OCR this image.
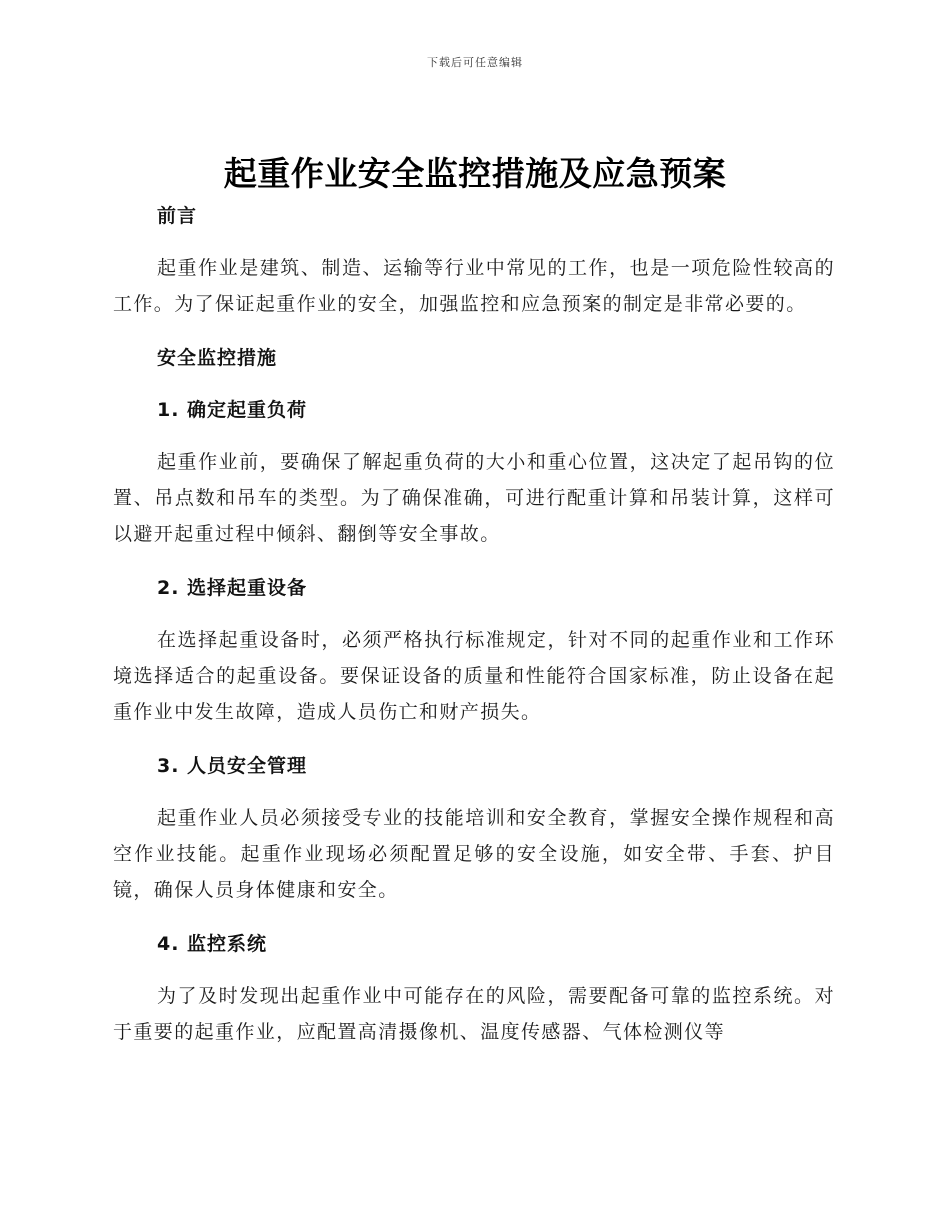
下载后可任意编辑
起重作业安全监控措施及应急预案
前言
起重作业是建筑、制造、运输等行业中常见的工作，也是一项危险性较高的工作。为了保证起重作业的安全，加强监控和应急预案的制定是非常必要的。
安全监控措施
1. 确定起重负荷
起重作业前，要确保了解起重负荷的大小和重心位置，这决定了起吊钩的位置、吊点数和吊车的类型。为了确保准确，可进行配重计算和吊装计算，这样可以避开起重过程中倾斜、翻倒等安全事故。
2. 选择起重设备
在选择起重设备时，必须严格执行标准规定，针对不同的起重作业和工作环境选择适合的起重设备。要保证设备的质量和性能符合国家标准，防止设备在起重作业中发生故障，造成人员伤亡和财产损失。
3. 人员安全管理
起重作业人员必须接受专业的技能培训和安全教育，掌握安全操作规程和高空作业技能。起重作业现场必须配置足够的安全设施，如安全带、手套、护目镜，确保人员身体健康和安全。
4. 监控系统
为了及时发现出起重作业中可能存在的风险，需要配备可靠的监控系统。对于重要的起重作业，应配置高清摄像机、温度传感器、气体检测仪等
